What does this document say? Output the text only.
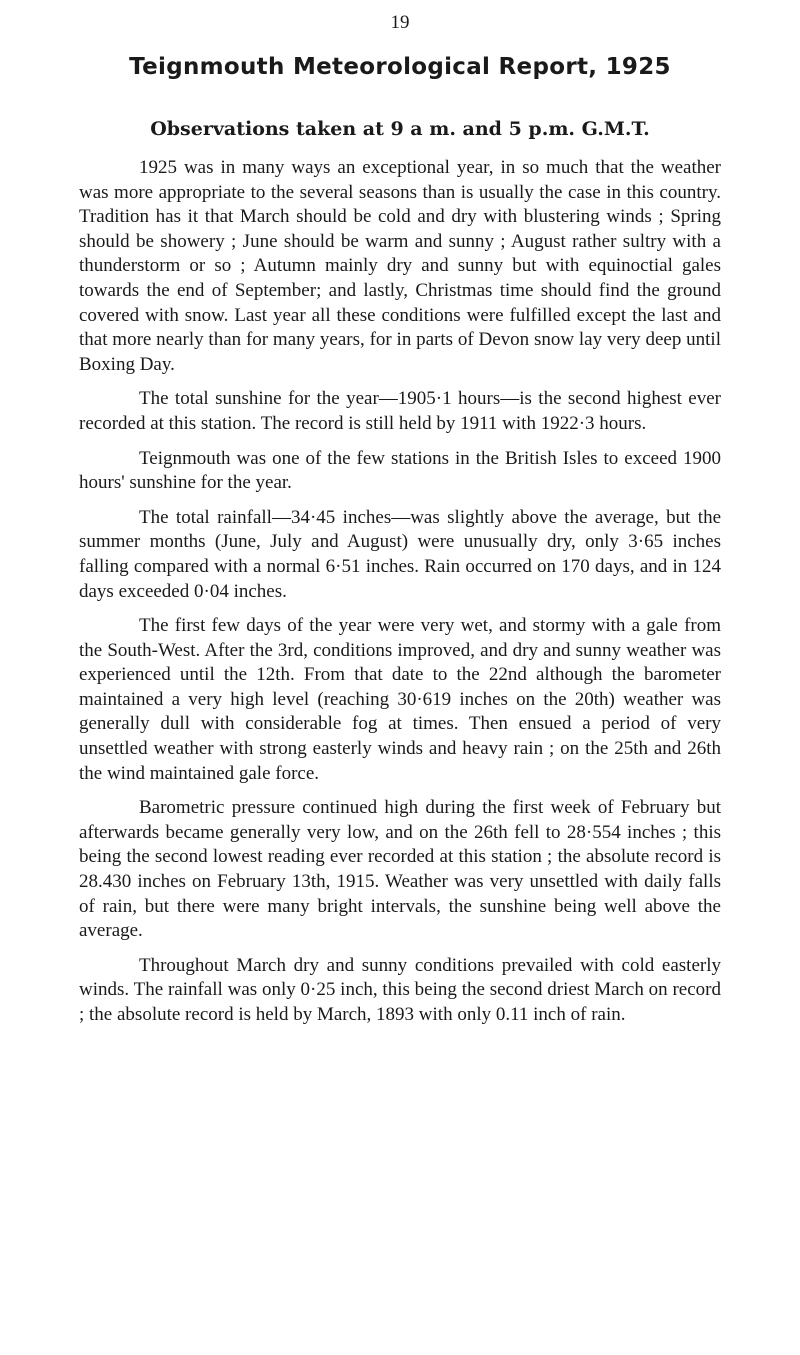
19
Teignmouth Meteorological Report, 1925
Observations taken at 9 a m. and 5 p.m. G.M.T.

1925 was in many ways an exceptional year, in so much that the weather was more appropriate to the several seasons than is usually the case in this country. Tradition has it that March should be cold and dry with blustering winds ; Spring should be showery ; June should be warm and sunny ; August rather sultry with a thunderstorm or so ; Autumn mainly dry and sunny but with equinoctial gales towards the end of September; and lastly, Christmas time should find the ground covered with snow. Last year all these conditions were fulfilled except the last and that more nearly than for many years, for in parts of Devon snow lay very deep until Boxing Day.

The total sunshine for the year—1905·1 hours—is the second highest ever recorded at this station. The record is still held by 1911 with 1922·3 hours.

Teignmouth was one of the few stations in the British Isles to exceed 1900 hours' sunshine for the year.

The total rainfall—34·45 inches—was slightly above the average, but the summer months (June, July and August) were unusually dry, only 3·65 inches falling compared with a normal 6·51 inches. Rain occurred on 170 days, and in 124 days exceeded 0·04 inches.

The first few days of the year were very wet, and stormy with a gale from the South-West. After the 3rd, conditions improved, and dry and sunny weather was experienced until the 12th. From that date to the 22nd although the barometer maintained a very high level (reaching 30·619 inches on the 20th) weather was generally dull with considerable fog at times. Then ensued a period of very unsettled weather with strong easterly winds and heavy rain ; on the 25th and 26th the wind maintained gale force.

Barometric pressure continued high during the first week of February but afterwards became generally very low, and on the 26th fell to 28·554 inches ; this being the second lowest reading ever recorded at this station ; the absolute record is 28.430 inches on February 13th, 1915. Weather was very unsettled with daily falls of rain, but there were many bright intervals, the sunshine being well above the average.

Throughout March dry and sunny conditions prevailed with cold easterly winds. The rainfall was only 0·25 inch, this being the second driest March on record ; the absolute record is held by March, 1893 with only 0.11 inch of rain.
